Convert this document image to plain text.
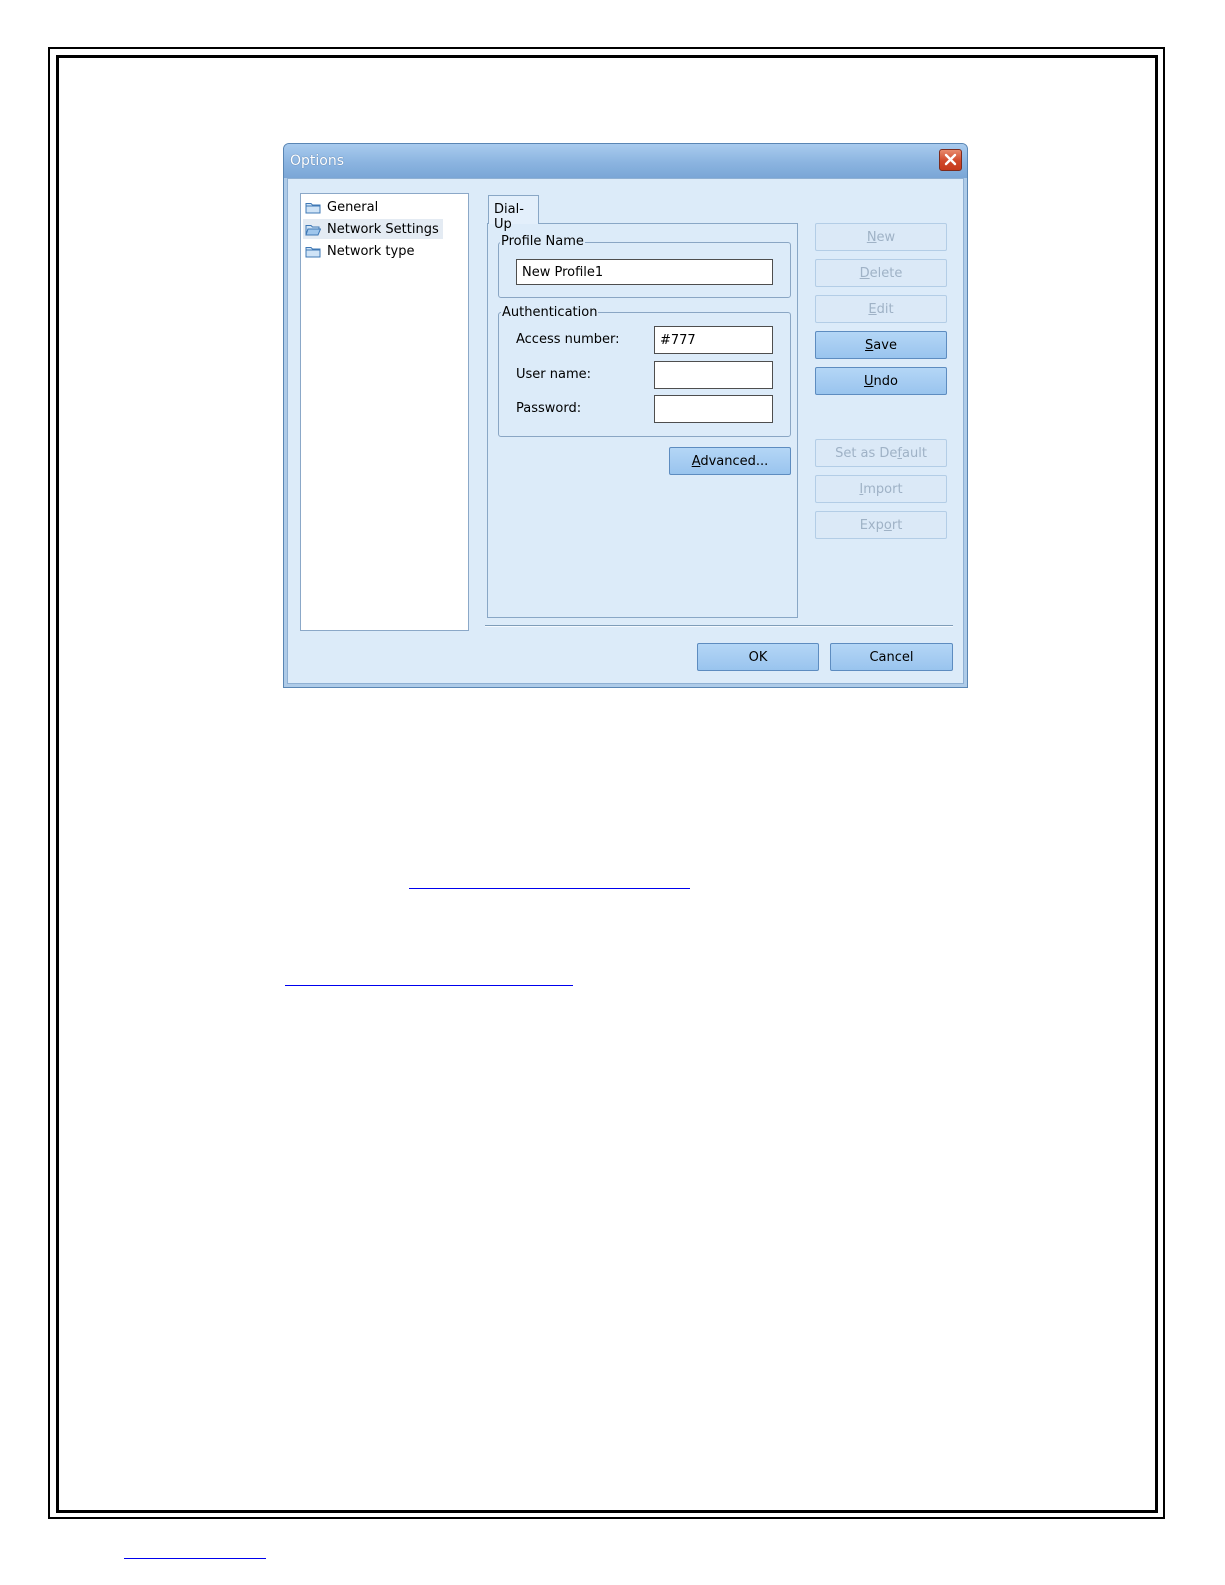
Options
General
Network Settings
Network type
Dial-Up
Profile Name
New Profile1
Authentication
Access number:
#777
User name:
Password:
Advanced...
New
Delete
Edit
Save
Undo
Set as Default
Import
Export
OK	Cancel
